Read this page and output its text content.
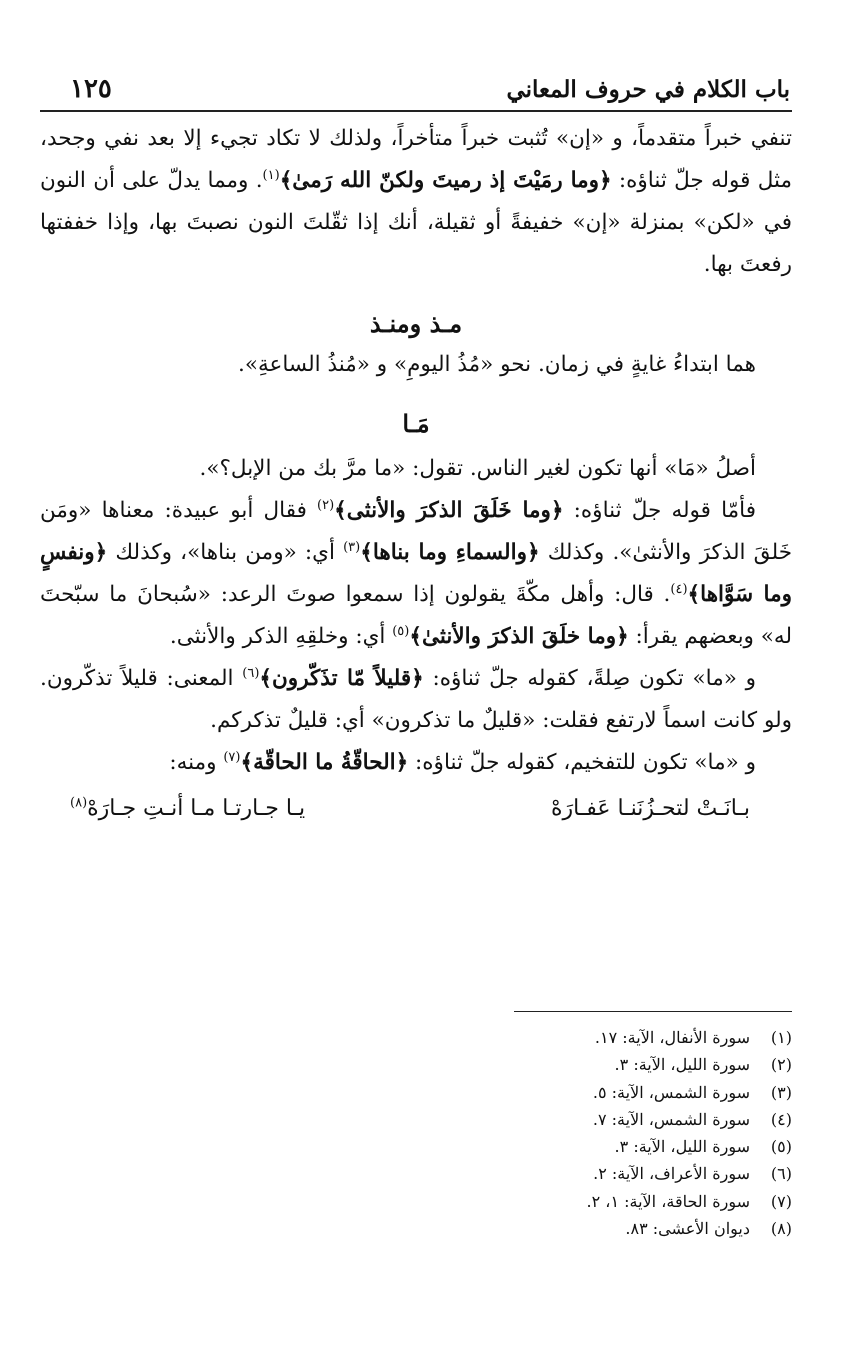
باب الكلام في حروف المعاني
١٢٥

تنفي خبراً متقدماً، و «إن» تُثبت خبراً متأخراً، ولذلك لا تكاد تجيء إلا بعد نفي وجحد، مثل قوله جلّ ثناؤه: ﴿وما رمَيْتَ إذ رميتَ ولكنّ الله رَمىٰ﴾$^{(١)}$. ومما يدلّ على أن النون في «لكن» بمنزلة «إن» خفيفةً أو ثقيلة، أنك إذا ثقّلتَ النون نصبتَ بها، وإذا خففتها رفعتَ بها.

مـذ ومنـذ

هما ابتداءُ غايةٍ في زمان. نحو «مُذُ اليومِ» و «مُنذُ الساعةِ».

مَـا

أصلُ «مَا» أنها تكون لغير الناس. تقول: «ما مرَّ بك من الإبل؟».

فأمّا قوله جلّ ثناؤه: ﴿وما خَلَقَ الذكرَ والأنثى﴾$^{(٢)}$ فقال أبو عبيدة: معناها «ومَن خَلقَ الذكرَ والأنثىٰ». وكذلك ﴿والسماءِ وما بناها﴾$^{(٣)}$ أي: «ومن بناها»، وكذلك ﴿ونفسٍ وما سَوَّاها﴾$^{(٤)}$. قال: وأهل مكّةَ يقولون إذا سمعوا صوتَ الرعد: «سُبحانَ ما سبّحتَ له» وبعضهم يقرأ: ﴿وما خلَقَ الذكرَ والأنثىٰ﴾$^{(٥)}$ أي: وخلقِهِ الذكر والأنثى.

و «ما» تكون صِلةً، كقوله جلّ ثناؤه: ﴿قليلاً مّا تذَكّرون﴾$^{(٦)}$ المعنى: قليلاً تذكّرون. ولو كانت اسماً لارتفع فقلت: «قليلٌ ما تذكرون» أي: قليلٌ تذكركم.

و «ما» تكون للتفخيم، كقوله جلّ ثناؤه: ﴿الحاقّةُ ما الحاقّة﴾$^{(٧)}$ ومنه:

بـانَـتْ لتحـزُنَنـا عَفـارَهْ
يـا جـارتـا مـا أنـتِ جـارَهْ$^{(٨)}$
(١)
سورة الأنفال، الآية: ١٧.
(٢)
سورة الليل، الآية: ٣.
(٣)
سورة الشمس، الآية: ٥.
(٤)
سورة الشمس، الآية: ٧.
(٥)
سورة الليل، الآية: ٣.
(٦)
سورة الأعراف، الآية: ٢.
(٧)
سورة الحاقة، الآية: ١، ٢.
(٨)
ديوان الأعشى: ٨٣.
